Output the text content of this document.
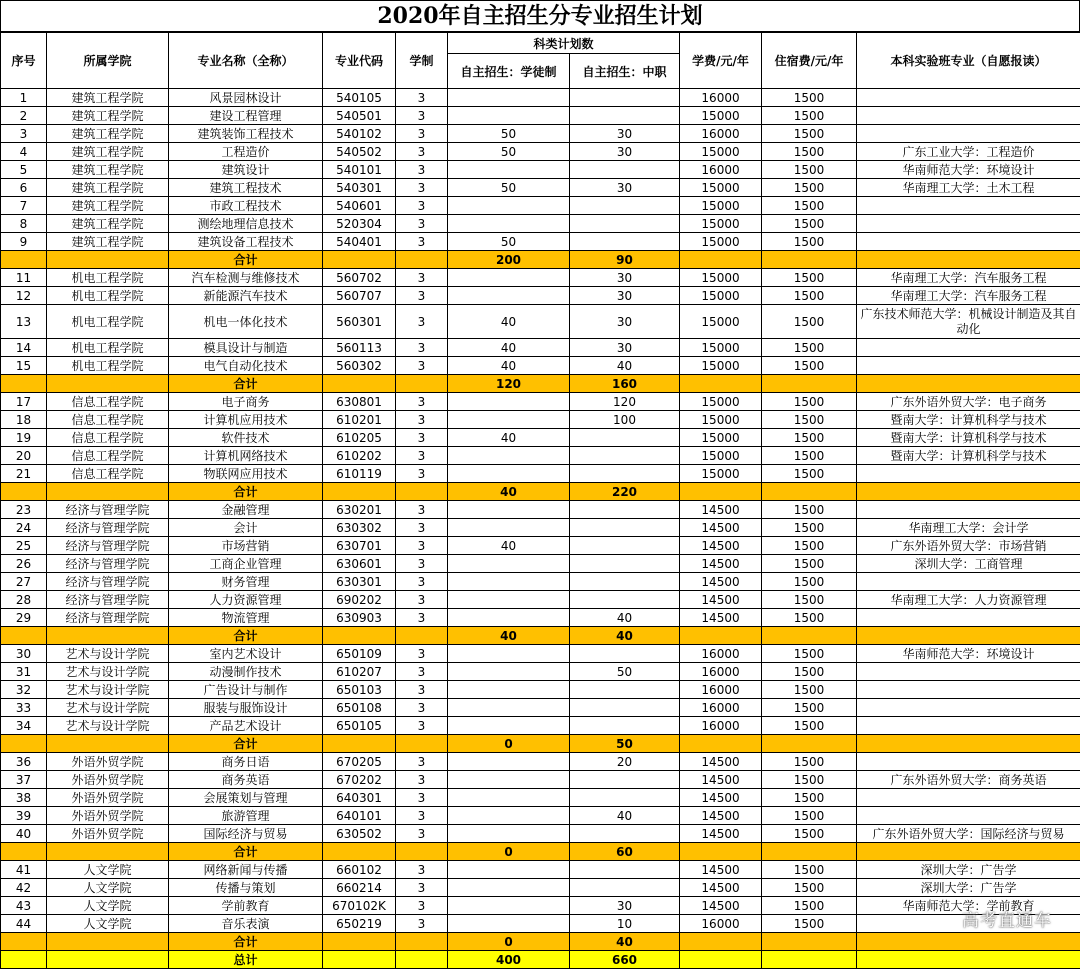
2020年自主招生分专业招生计划
序号	所属学院	专业名称（全称）	专业代码	学制	科类计划数		学费/元/年	住宿费/元/年	本科实验班专业（自愿报读）
					自主招生：学徒制	自主招生：中职			
1	建筑工程学院	风景园林设计	540105	3			16000	1500	
2	建筑工程学院	建设工程管理	540501	3			15000	1500	
3	建筑工程学院	建筑装饰工程技术	540102	3	50	30	16000	1500	
4	建筑工程学院	工程造价	540502	3	50	30	15000	1500	广东工业大学：工程造价
5	建筑工程学院	建筑设计	540101	3			16000	1500	华南师范大学：环境设计
6	建筑工程学院	建筑工程技术	540301	3	50	30	15000	1500	华南理工大学：土木工程
7	建筑工程学院	市政工程技术	540601	3			15000	1500	
8	建筑工程学院	测绘地理信息技术	520304	3			15000	1500	
9	建筑工程学院	建筑设备工程技术	540401	3	50		15000	1500	
		合计			200	90			
11	机电工程学院	汽车检测与维修技术	560702	3		30	15000	1500	华南理工大学：汽车服务工程
12	机电工程学院	新能源汽车技术	560707	3		30	15000	1500	华南理工大学：汽车服务工程
13	机电工程学院	机电一体化技术	560301	3	40	30	15000	1500	广东技术师范大学：机械设计制造及其自动化
14	机电工程学院	模具设计与制造	560113	3	40	30	15000	1500	
15	机电工程学院	电气自动化技术	560302	3	40	40	15000	1500	
		合计			120	160			
17	信息工程学院	电子商务	630801	3		120	15000	1500	广东外语外贸大学：电子商务
18	信息工程学院	计算机应用技术	610201	3		100	15000	1500	暨南大学：计算机科学与技术
19	信息工程学院	软件技术	610205	3	40		15000	1500	暨南大学：计算机科学与技术
20	信息工程学院	计算机网络技术	610202	3			15000	1500	暨南大学：计算机科学与技术
21	信息工程学院	物联网应用技术	610119	3			15000	1500	
		合计			40	220			
23	经济与管理学院	金融管理	630201	3			14500	1500	
24	经济与管理学院	会计	630302	3			14500	1500	华南理工大学：会计学
25	经济与管理学院	市场营销	630701	3	40		14500	1500	广东外语外贸大学：市场营销
26	经济与管理学院	工商企业管理	630601	3			14500	1500	深圳大学：工商管理
27	经济与管理学院	财务管理	630301	3			14500	1500	
28	经济与管理学院	人力资源管理	690202	3			14500	1500	华南理工大学：人力资源管理
29	经济与管理学院	物流管理	630903	3		40	14500	1500	
		合计			40	40			
30	艺术与设计学院	室内艺术设计	650109	3			16000	1500	华南师范大学：环境设计
31	艺术与设计学院	动漫制作技术	610207	3		50	16000	1500	
32	艺术与设计学院	广告设计与制作	650103	3			16000	1500	
33	艺术与设计学院	服装与服饰设计	650108	3			16000	1500	
34	艺术与设计学院	产品艺术设计	650105	3			16000	1500	
		合计			0	50			
36	外语外贸学院	商务日语	670205	3		20	14500	1500	
37	外语外贸学院	商务英语	670202	3			14500	1500	广东外语外贸大学：商务英语
38	外语外贸学院	会展策划与管理	640301	3			14500	1500	
39	外语外贸学院	旅游管理	640101	3		40	14500	1500	
40	外语外贸学院	国际经济与贸易	630502	3			14500	1500	广东外语外贸大学：国际经济与贸易
		合计			0	60			
41	人文学院	网络新闻与传播	660102	3			14500	1500	深圳大学：广告学
42	人文学院	传播与策划	660214	3			14500	1500	深圳大学：广告学
43	人文学院	学前教育	670102K	3		30	14500	1500	华南师范大学：学前教育
44	人文学院	音乐表演	650219	3		10	16000	1500	
		合计			0	40			
		总计			400	660			
高考直通车
